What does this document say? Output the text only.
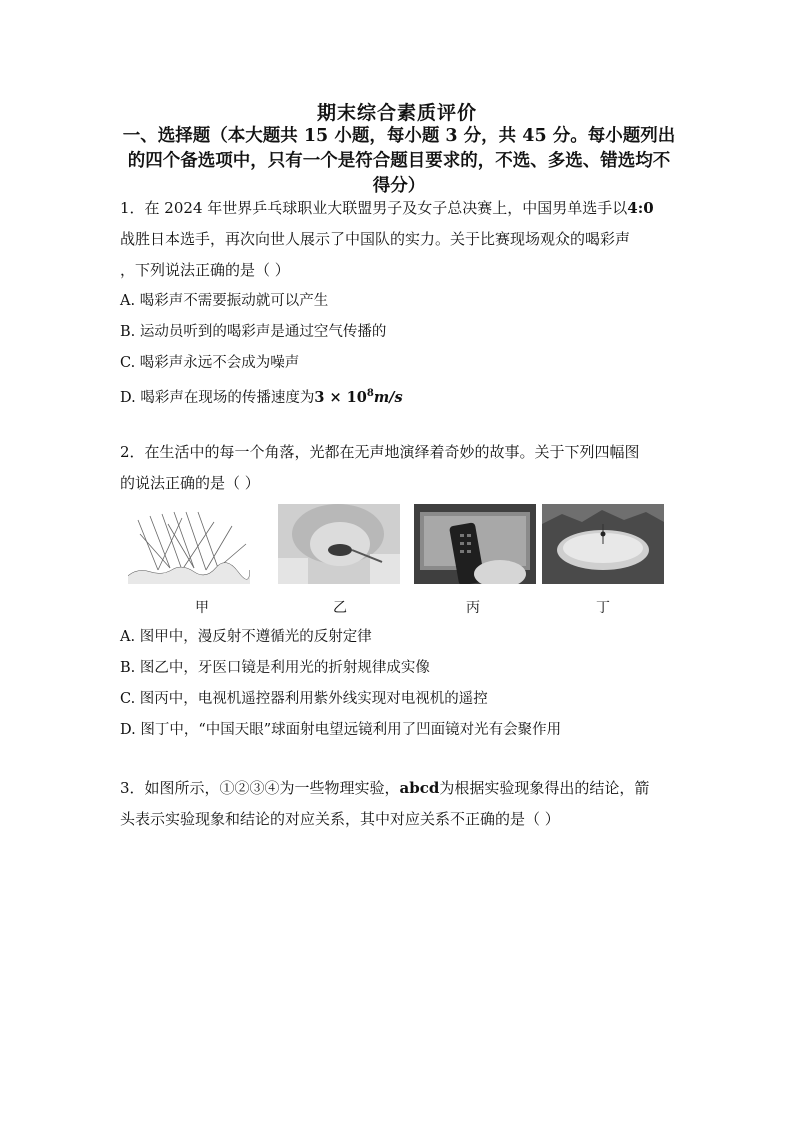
期末综合素质评价
一、选择题（本大题共 15 小题，每小题 3 分，共 45 分。每小题列出的四个备选项中，只有一个是符合题目要求的，不选、多选、错选均不得分）

1．在 2024 年世界乒乓球职业大联盟男子及女子总决赛上，中国男单选手以4:0

战胜日本选手，再次向世人展示了中国队的实力。关于比赛现场观众的喝彩声

，下列说法正确的是（ ）

A. 喝彩声不需要振动就可以产生
B. 运动员听到的喝彩声是通过空气传播的
C. 喝彩声永远不会成为噪声
D. 喝彩声在现场的传播速度为$3 \times 10^8m/s$

2．在生活中的每一个角落，光都在无声地演绎着奇妙的故事。关于下列四幅图

的说法正确的是（ ）

甲	乙	丙	丁
A. 图甲中，漫反射不遵循光的反射定律
B. 图乙中，牙医口镜是利用光的折射规律成实像
C. 图丙中，电视机遥控器利用紫外线实现对电视机的遥控
D. 图丁中，“中国天眼”球面射电望远镜利用了凹面镜对光有会聚作用

3．如图所示，①②③④为一些物理实验，abcd为根据实验现象得出的结论，箭

头表示实验现象和结论的对应关系，其中对应关系不正确的是（ ）
